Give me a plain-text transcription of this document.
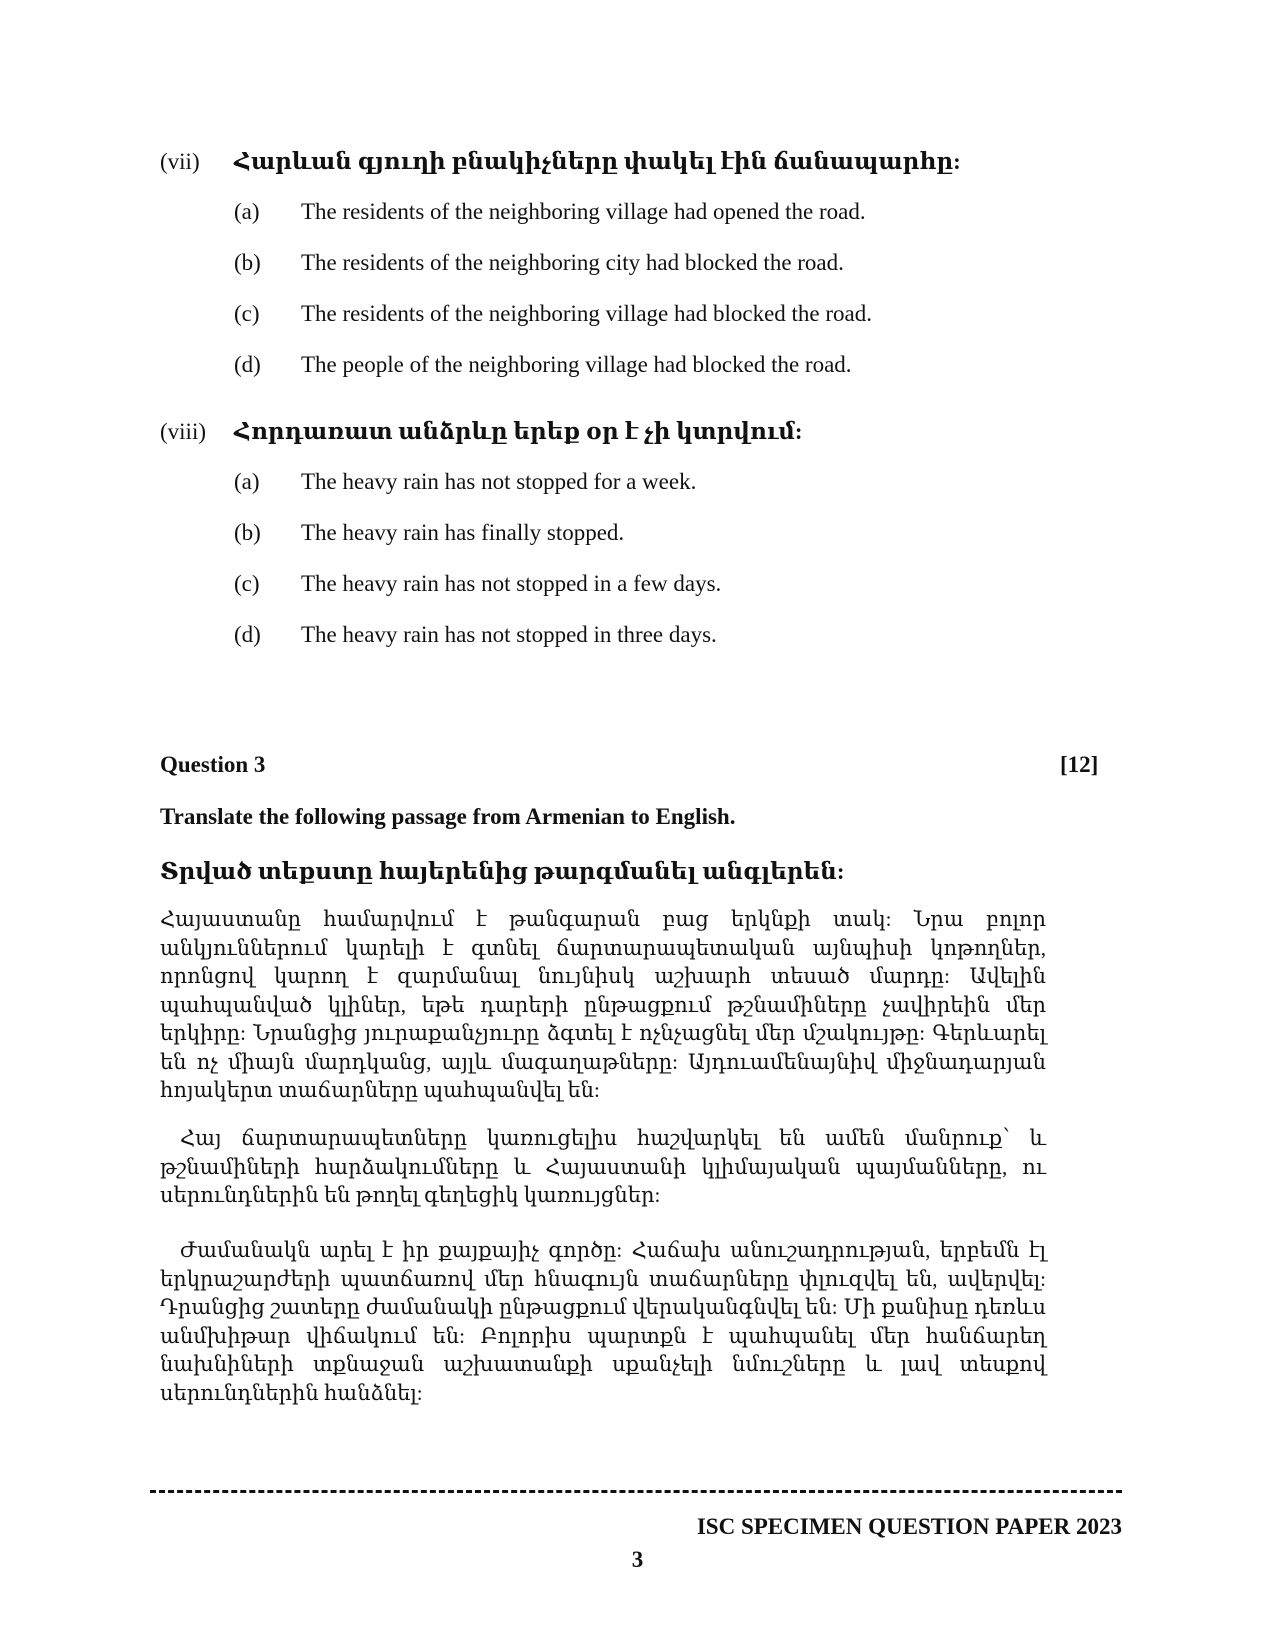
(vii) Հարևան գյուղի բնակիչները փակել էին ճանապարհը:
(a) The residents of the neighboring village had opened the road.
(b) The residents of the neighboring city had blocked the road.
(c) The residents of the neighboring village had blocked the road.
(d) The people of the neighboring village had blocked the road.
(viii) Հորդառատ անձրևը երեք օր է չի կտրվում:
(a) The heavy rain has not stopped for a week.
(b) The heavy rain has finally stopped.
(c) The heavy rain has not stopped in a few days.
(d) The heavy rain has not stopped in three days.
Question 3	[12]
Translate the following passage from Armenian to English.
Տրված տեքստը հայերենից թարգմանել անգլերեն:
Հայաստանը համարվում է թանգարան բաց երկնքի տակ: Նրա բոլոր անկյուններում կարելի է գտնել ճարտարապետական այնպիսի կոթողներ, որոնցով կարող է զարմանալ նույնիսկ աշխարհ տեսած մարդը: Ավելին պահպանված կլիներ, եթե դարերի ընթացքում թշնամիները չավիրեին մեր երկիրը: Նրանցից յուրաքանչյուրը ձգտել է ոչնչացնել մեր մշակույթը: Գերևարել են ոչ միայն մարդկանց, այլև մագաղաթները: Այդուամենայնիվ միջնադարյան հոյակերտ տաճարները պահպանվել են:
Հայ ճարտարապետները կառուցելիս հաշվարկել են ամեն մանրուք՝ և թշնամիների հարձակումները և Հայաստանի կլիմայական պայմանները, ու սերունդներին են թողել գեղեցիկ կառույցներ:
Ժամանակն արել է իր քայքայիչ գործը: Հաճախ անուշադրության, երբեմն էլ երկրաշարժերի պատճառով մեր հնագույն տաճարները փլուզվել են, ավերվել: Դրանցից շատերը ժամանակի ընթացքում վերականգնվել են: Մի քանիսը դեռևս անմխիթար վիճակում են: Բոլորիս պարտքն է պահպանել մեր հանճարեղ նախնիների տքնաջան աշխատանքի սքանչելի նմուշները և լավ տեսքով սերունդներին հանձնել:
ISC SPECIMEN QUESTION PAPER 2023
3
